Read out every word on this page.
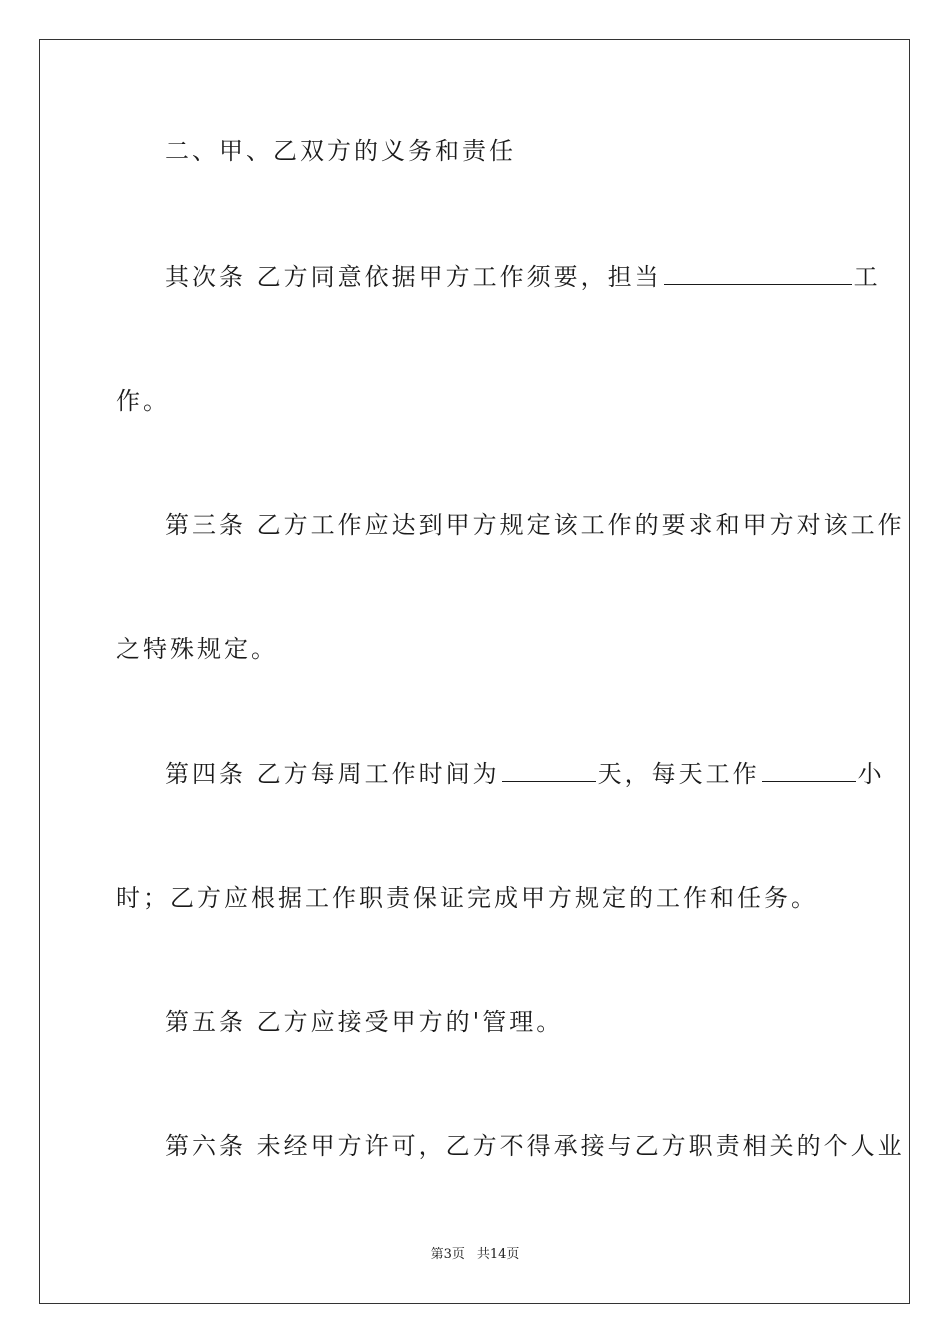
二、甲、乙双方的义务和责任

其次条 乙方同意依据甲方工作须要，担当	工

作。

第三条 乙方工作应达到甲方规定该工作的要求和甲方对该工作

之特殊规定。

第四条 乙方每周工作时间为	天，每天工作	小

时；乙方应根据工作职责保证完成甲方规定的工作和任务。

第五条 乙方应接受甲方的'管理。

第六条 未经甲方许可，乙方不得承接与乙方职责相关的个人业

第3页 共14页
